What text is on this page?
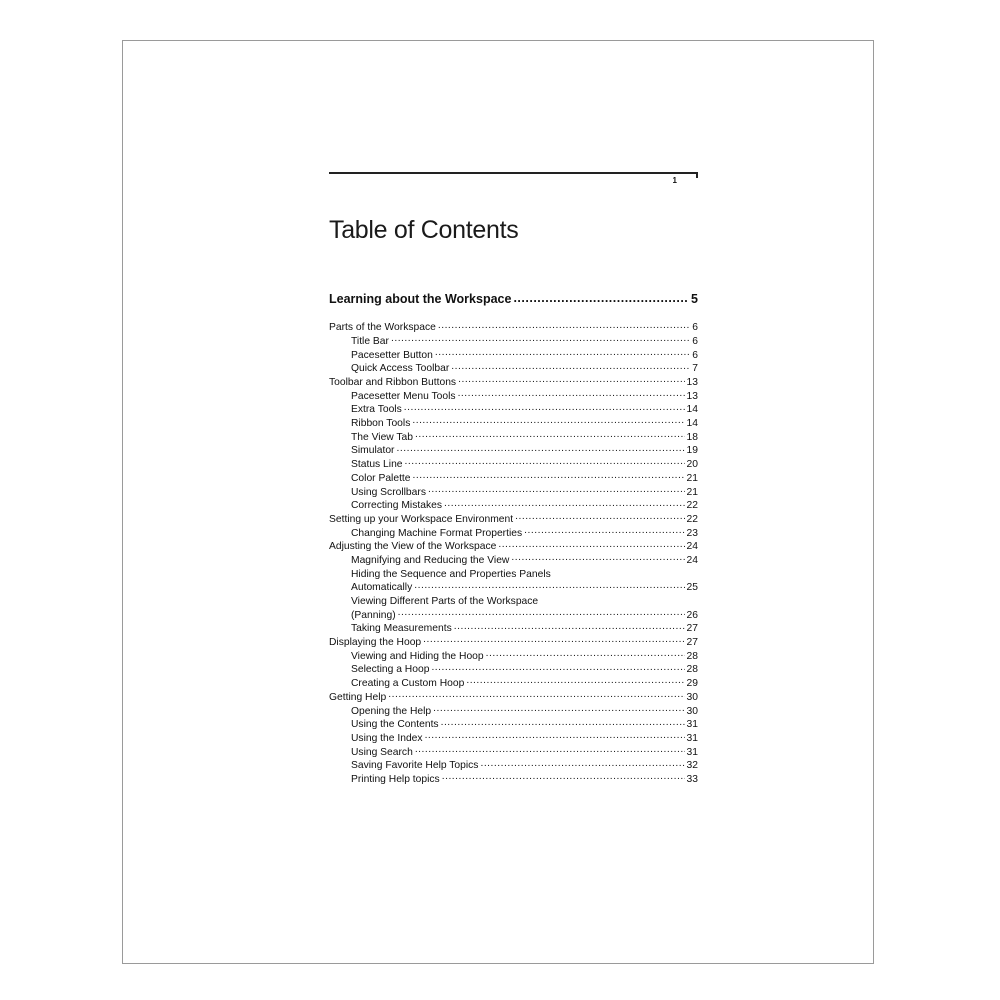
1
Table of Contents
Learning about the Workspace .....	5
Parts of the Workspace .....	6
Title Bar .....	6
Pacesetter Button .....	6
Quick Access Toolbar .....	7
Toolbar and Ribbon Buttons .....	13
Pacesetter Menu Tools .....	13
Extra Tools .....	14
Ribbon Tools .....	14
The View Tab .....	18
Simulator .....	19
Status Line .....	20
Color Palette .....	21
Using Scrollbars .....	21
Correcting Mistakes .....	22
Setting up your Workspace Environment .....	22
Changing Machine Format Properties .....	23
Adjusting the View of the Workspace .....	24
Magnifying and Reducing the View .....	24
Hiding the Sequence and Properties Panels
Automatically .....	25
Viewing Different Parts of the Workspace
(Panning) .....	26
Taking Measurements .....	27
Displaying the Hoop .....	27
Viewing and Hiding the Hoop .....	28
Selecting a Hoop .....	28
Creating a Custom Hoop .....	29
Getting Help .....	30
Opening the Help .....	30
Using the Contents .....	31
Using the Index .....	31
Using Search .....	31
Saving Favorite Help Topics .....	32
Printing Help topics .....	33
